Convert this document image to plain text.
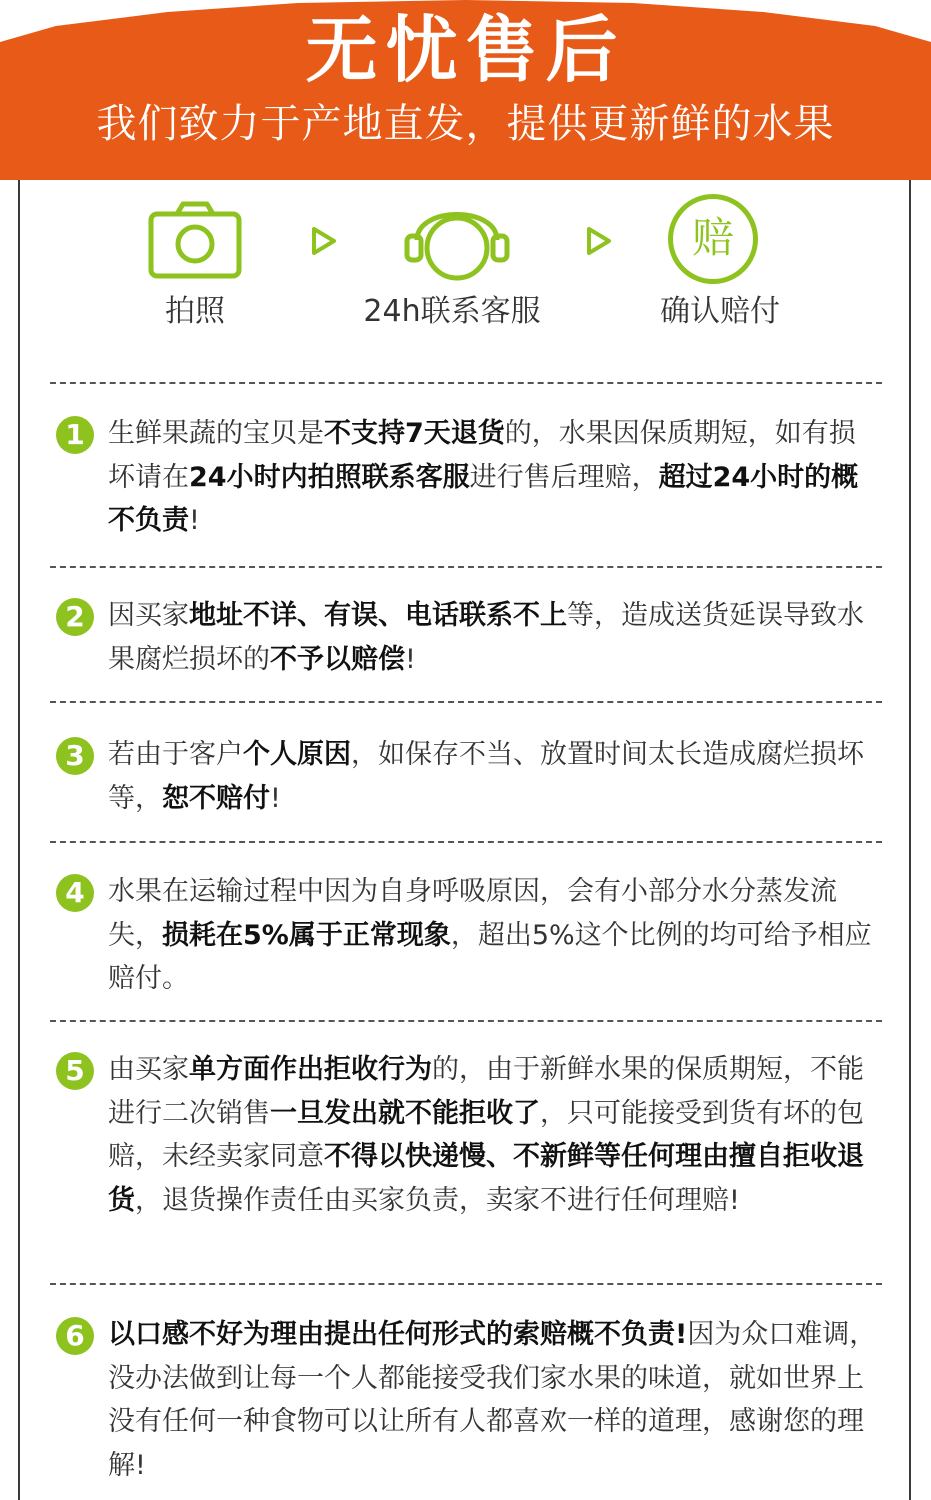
无忧售后
我们致力于产地直发，提供更新鲜的水果
拍照	24h联系客服
赔
确认赔付
1 生鲜果蔬的宝贝是不支持7天退货的，水果因保质期短，如有损坏请在24小时内拍照联系客服进行售后理赔，超过24小时的概不负责!
2 因买家地址不详、有误、电话联系不上等，造成送货延误导致水果腐烂损坏的不予以赔偿!
3 若由于客户个人原因，如保存不当、放置时间太长造成腐烂损坏等，恕不赔付!
4 水果在运输过程中因为自身呼吸原因，会有小部分水分蒸发流失，损耗在5%属于正常现象，超出5%这个比例的均可给予相应赔付。
5 由买家单方面作出拒收行为的，由于新鲜水果的保质期短，不能进行二次销售一旦发出就不能拒收了，只可能接受到货有坏的包赔，未经卖家同意不得以快递慢、不新鲜等任何理由擅自拒收退货，退货操作责任由买家负责，卖家不进行任何理赔!
6 以口感不好为理由提出任何形式的索赔概不负责!因为众口难调，没办法做到让每一个人都能接受我们家水果的味道，就如世界上没有任何一种食物可以让所有人都喜欢一样的道理，感谢您的理解!
